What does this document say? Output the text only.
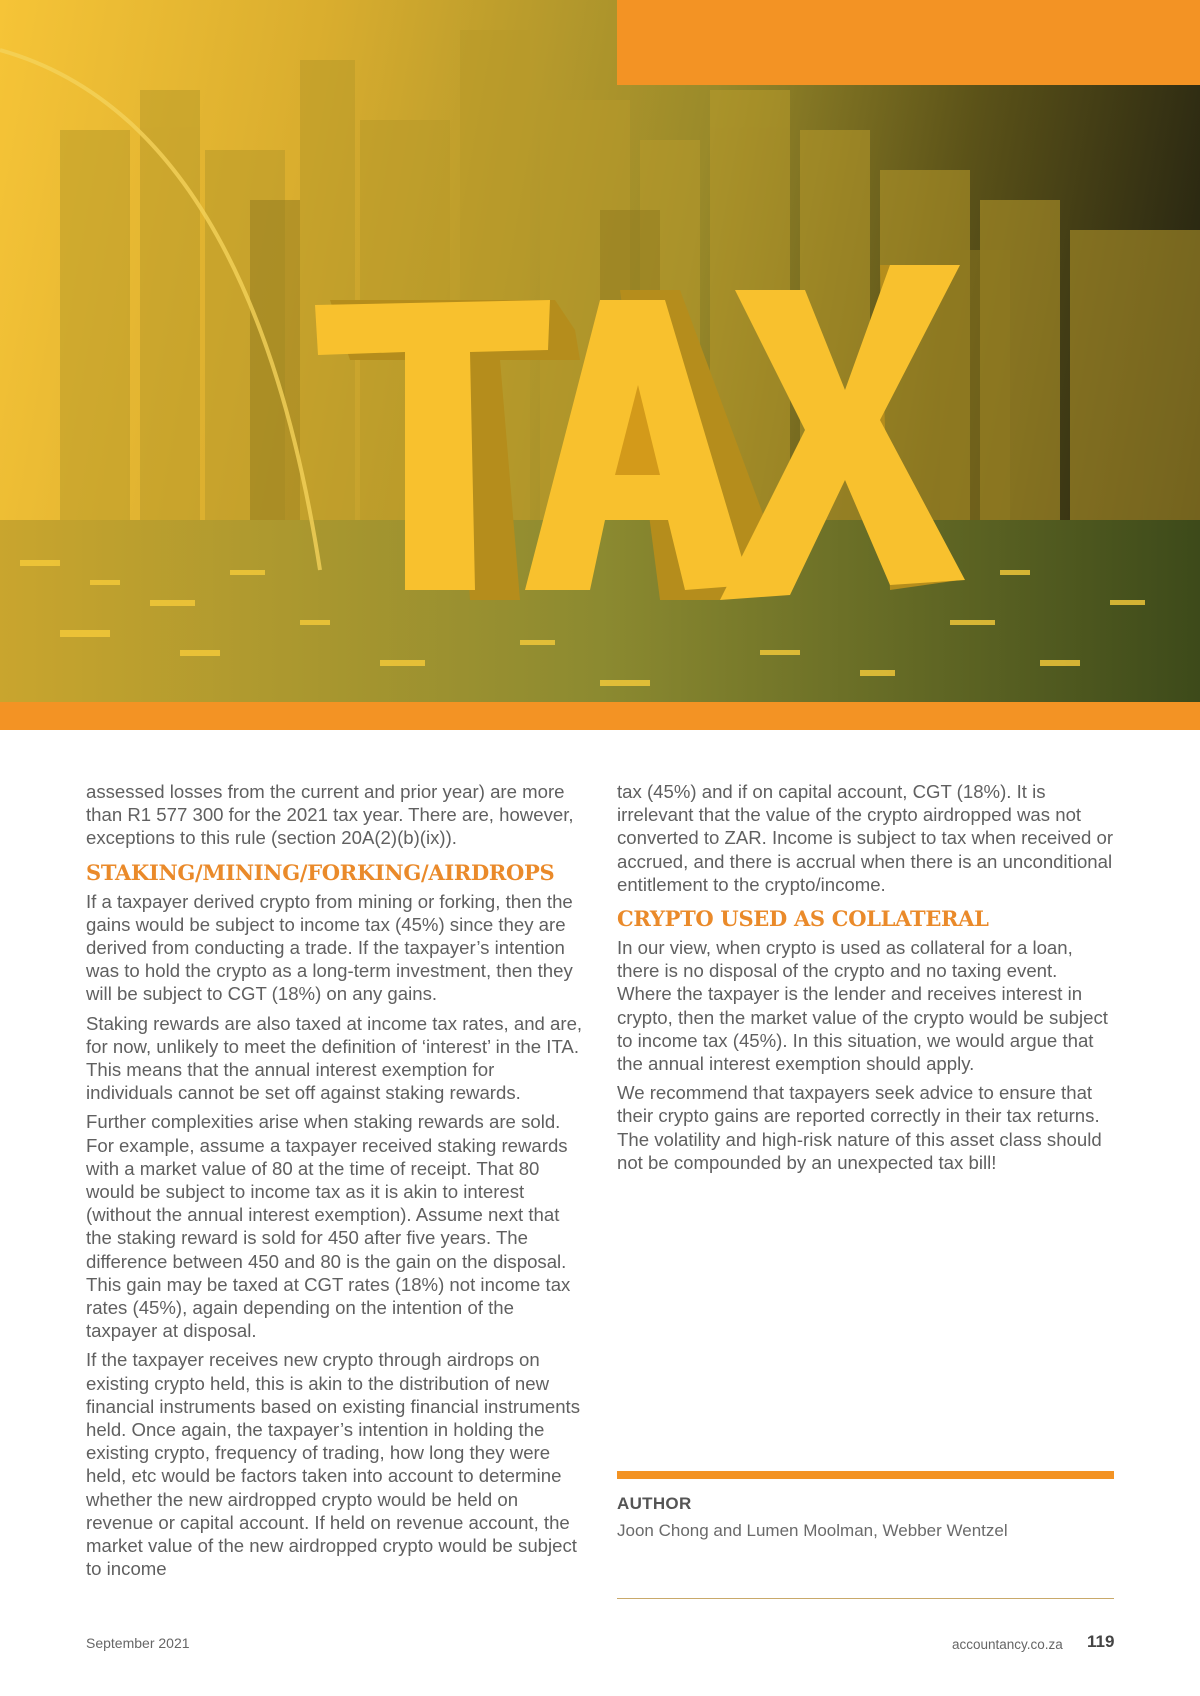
assessed losses from the current and prior year) are more than R1 577 300 for the 2021 tax year. There are, however, exceptions to this rule (section 20A(2)(b)(ix)).

STAKING/MINING/FORKING/AIRDROPS

If a taxpayer derived crypto from mining or forking, then the gains would be subject to income tax (45%) since they are derived from conducting a trade. If the taxpayer’s intention was to hold the crypto as a long-term investment, then they will be subject to CGT (18%) on any gains.

Staking rewards are also taxed at income tax rates, and are, for now, unlikely to meet the definition of ‘interest’ in the ITA. This means that the annual interest exemption for individuals cannot be set off against staking rewards.

Further complexities arise when staking rewards are sold. For example, assume a taxpayer received staking rewards with a market value of 80 at the time of receipt. That 80 would be subject to income tax as it is akin to interest (without the annual interest exemption). Assume next that the staking reward is sold for 450 after five years. The difference between 450 and 80 is the gain on the disposal. This gain may be taxed at CGT rates (18%) not income tax rates (45%), again depending on the intention of the taxpayer at disposal.

If the taxpayer receives new crypto through airdrops on existing crypto held, this is akin to the distribution of new financial instruments based on existing financial instruments held. Once again, the taxpayer’s intention in holding the existing crypto, frequency of trading, how long they were held, etc would be factors taken into account to determine whether the new airdropped crypto would be held on revenue or capital account. If held on revenue account, the market value of the new airdropped crypto would be subject to income

tax (45%) and if on capital account, CGT (18%). It is irrelevant that the value of the crypto airdropped was not converted to ZAR. Income is subject to tax when received or accrued, and there is accrual when there is an unconditional entitlement to the crypto/income.

CRYPTO USED AS COLLATERAL

In our view, when crypto is used as collateral for a loan, there is no disposal of the crypto and no taxing event. Where the taxpayer is the lender and receives interest in crypto, then the market value of the crypto would be subject to income tax (45%). In this situation, we would argue that the annual interest exemption should apply.

We recommend that taxpayers seek advice to ensure that their crypto gains are reported correctly in their tax returns. The volatility and high-risk nature of this asset class should not be compounded by an unexpected tax bill!

AUTHOR
Joon Chong and Lumen Moolman, Webber Wentzel
September 2021	accountancy.co.za 119
